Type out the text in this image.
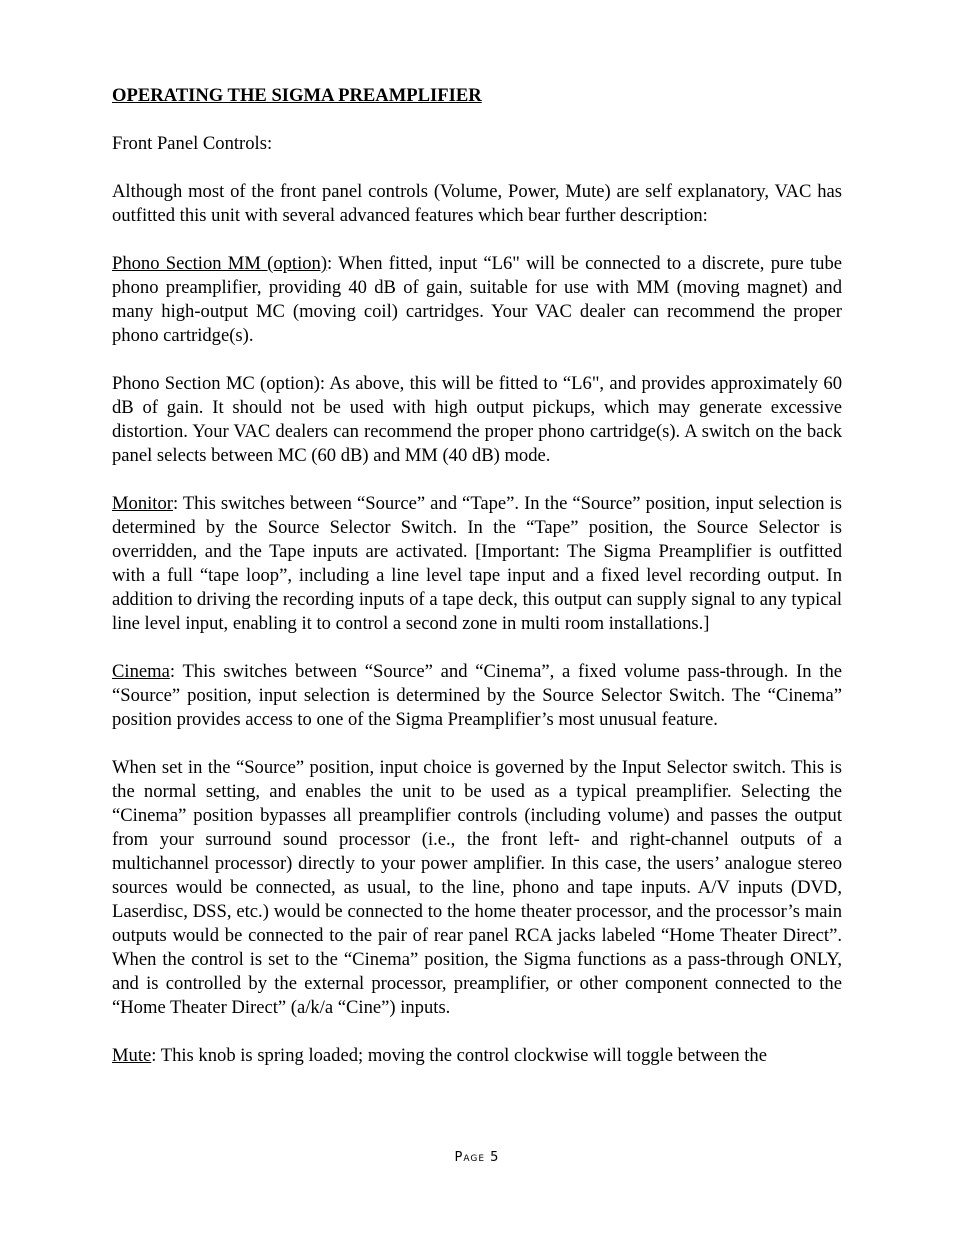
OPERATING THE SIGMA PREAMPLIFIER

Front Panel Controls:

Although most of the front panel controls (Volume, Power, Mute) are self explanatory, VAC has outfitted this unit with several advanced features which bear further description:

Phono Section MM (option): When fitted, input “L6" will be connected to a discrete, pure tube phono preamplifier, providing 40 dB of gain, suitable for use with MM (moving magnet) and many high-output MC (moving coil) cartridges. Your VAC dealer can recommend the proper phono cartridge(s).

Phono Section MC (option): As above, this will be fitted to “L6", and provides approximately 60 dB of gain. It should not be used with high output pickups, which may generate excessive distortion. Your VAC dealers can recommend the proper phono cartridge(s). A switch on the back panel selects between MC (60 dB) and MM (40 dB) mode.

Monitor: This switches between “Source” and “Tape”. In the “Source” position, input selection is determined by the Source Selector Switch. In the “Tape” position, the Source Selector is overridden, and the Tape inputs are activated. [Important: The Sigma Preamplifier is outfitted with a full “tape loop”, including a line level tape input and a fixed level recording output. In addition to driving the recording inputs of a tape deck, this output can supply signal to any typical line level input, enabling it to control a second zone in multi room installations.]

Cinema: This switches between “Source” and “Cinema”, a fixed volume pass-through. In the “Source” position, input selection is determined by the Source Selector Switch. The “Cinema” position provides access to one of the Sigma Preamplifier’s most unusual feature.

When set in the “Source” position, input choice is governed by the Input Selector switch. This is the normal setting, and enables the unit to be used as a typical preamplifier. Selecting the “Cinema” position bypasses all preamplifier controls (including volume) and passes the output from your surround sound processor (i.e., the front left- and right-channel outputs of a multichannel processor) directly to your power amplifier. In this case, the users’ analogue stereo sources would be connected, as usual, to the line, phono and tape inputs. A/V inputs (DVD, Laserdisc, DSS, etc.) would be connected to the home theater processor, and the processor’s main outputs would be connected to the pair of rear panel RCA jacks labeled “Home Theater Direct”. When the control is set to the “Cinema” position, the Sigma functions as a pass-through ONLY, and is controlled by the external processor, preamplifier, or other component connected to the “Home Theater Direct” (a/k/a “Cine”) inputs.

Mute: This knob is spring loaded; moving the control clockwise will toggle between the

Page 5
